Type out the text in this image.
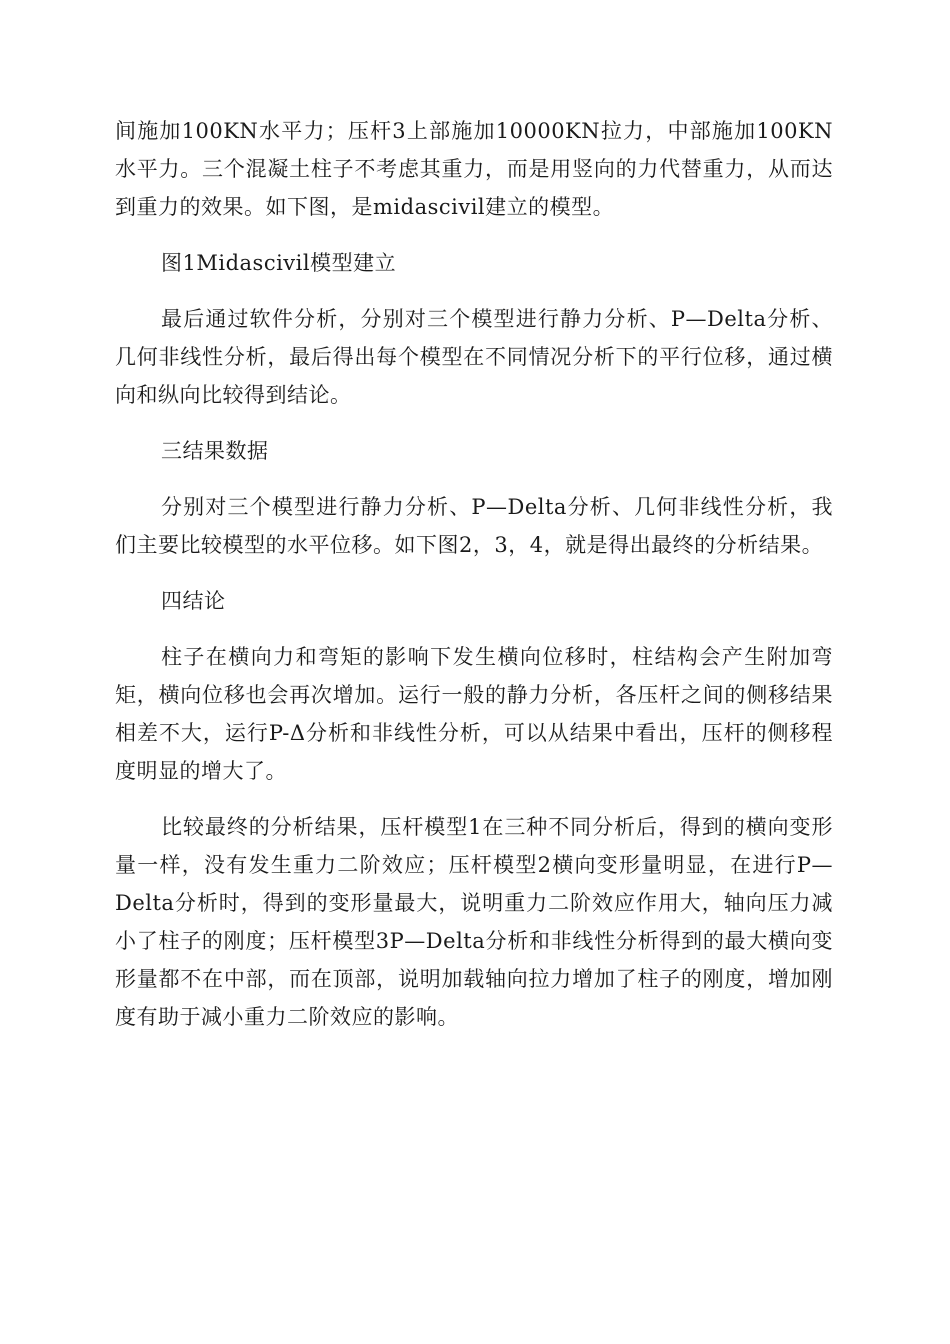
间施加100KN水平力；压杆3上部施加10000KN拉力，中部施加100KN水平力。三个混凝土柱子不考虑其重力，而是用竖向的力代替重力，从而达到重力的效果。如下图，是midascivil建立的模型。

图1Midascivil模型建立

最后通过软件分析，分别对三个模型进行静力分析、P—Delta分析、几何非线性分析，最后得出每个模型在不同情况分析下的平行位移，通过横向和纵向比较得到结论。

三结果数据

分别对三个模型进行静力分析、P—Delta分析、几何非线性分析，我们主要比较模型的水平位移。如下图2，3，4，就是得出最终的分析结果。

四结论

柱子在横向力和弯矩的影响下发生横向位移时，柱结构会产生附加弯矩，横向位移也会再次增加。运行一般的静力分析，各压杆之间的侧移结果相差不大，运行P-Δ分析和非线性分析，可以从结果中看出，压杆的侧移程度明显的增大了。

比较最终的分析结果，压杆模型1在三种不同分析后，得到的横向变形量一样，没有发生重力二阶效应；压杆模型2横向变形量明显，在进行P—Delta分析时，得到的变形量最大，说明重力二阶效应作用大，轴向压力减小了柱子的刚度；压杆模型3P—Delta分析和非线性分析得到的最大横向变形量都不在中部，而在顶部，说明加载轴向拉力增加了柱子的刚度，增加刚度有助于减小重力二阶效应的影响。
